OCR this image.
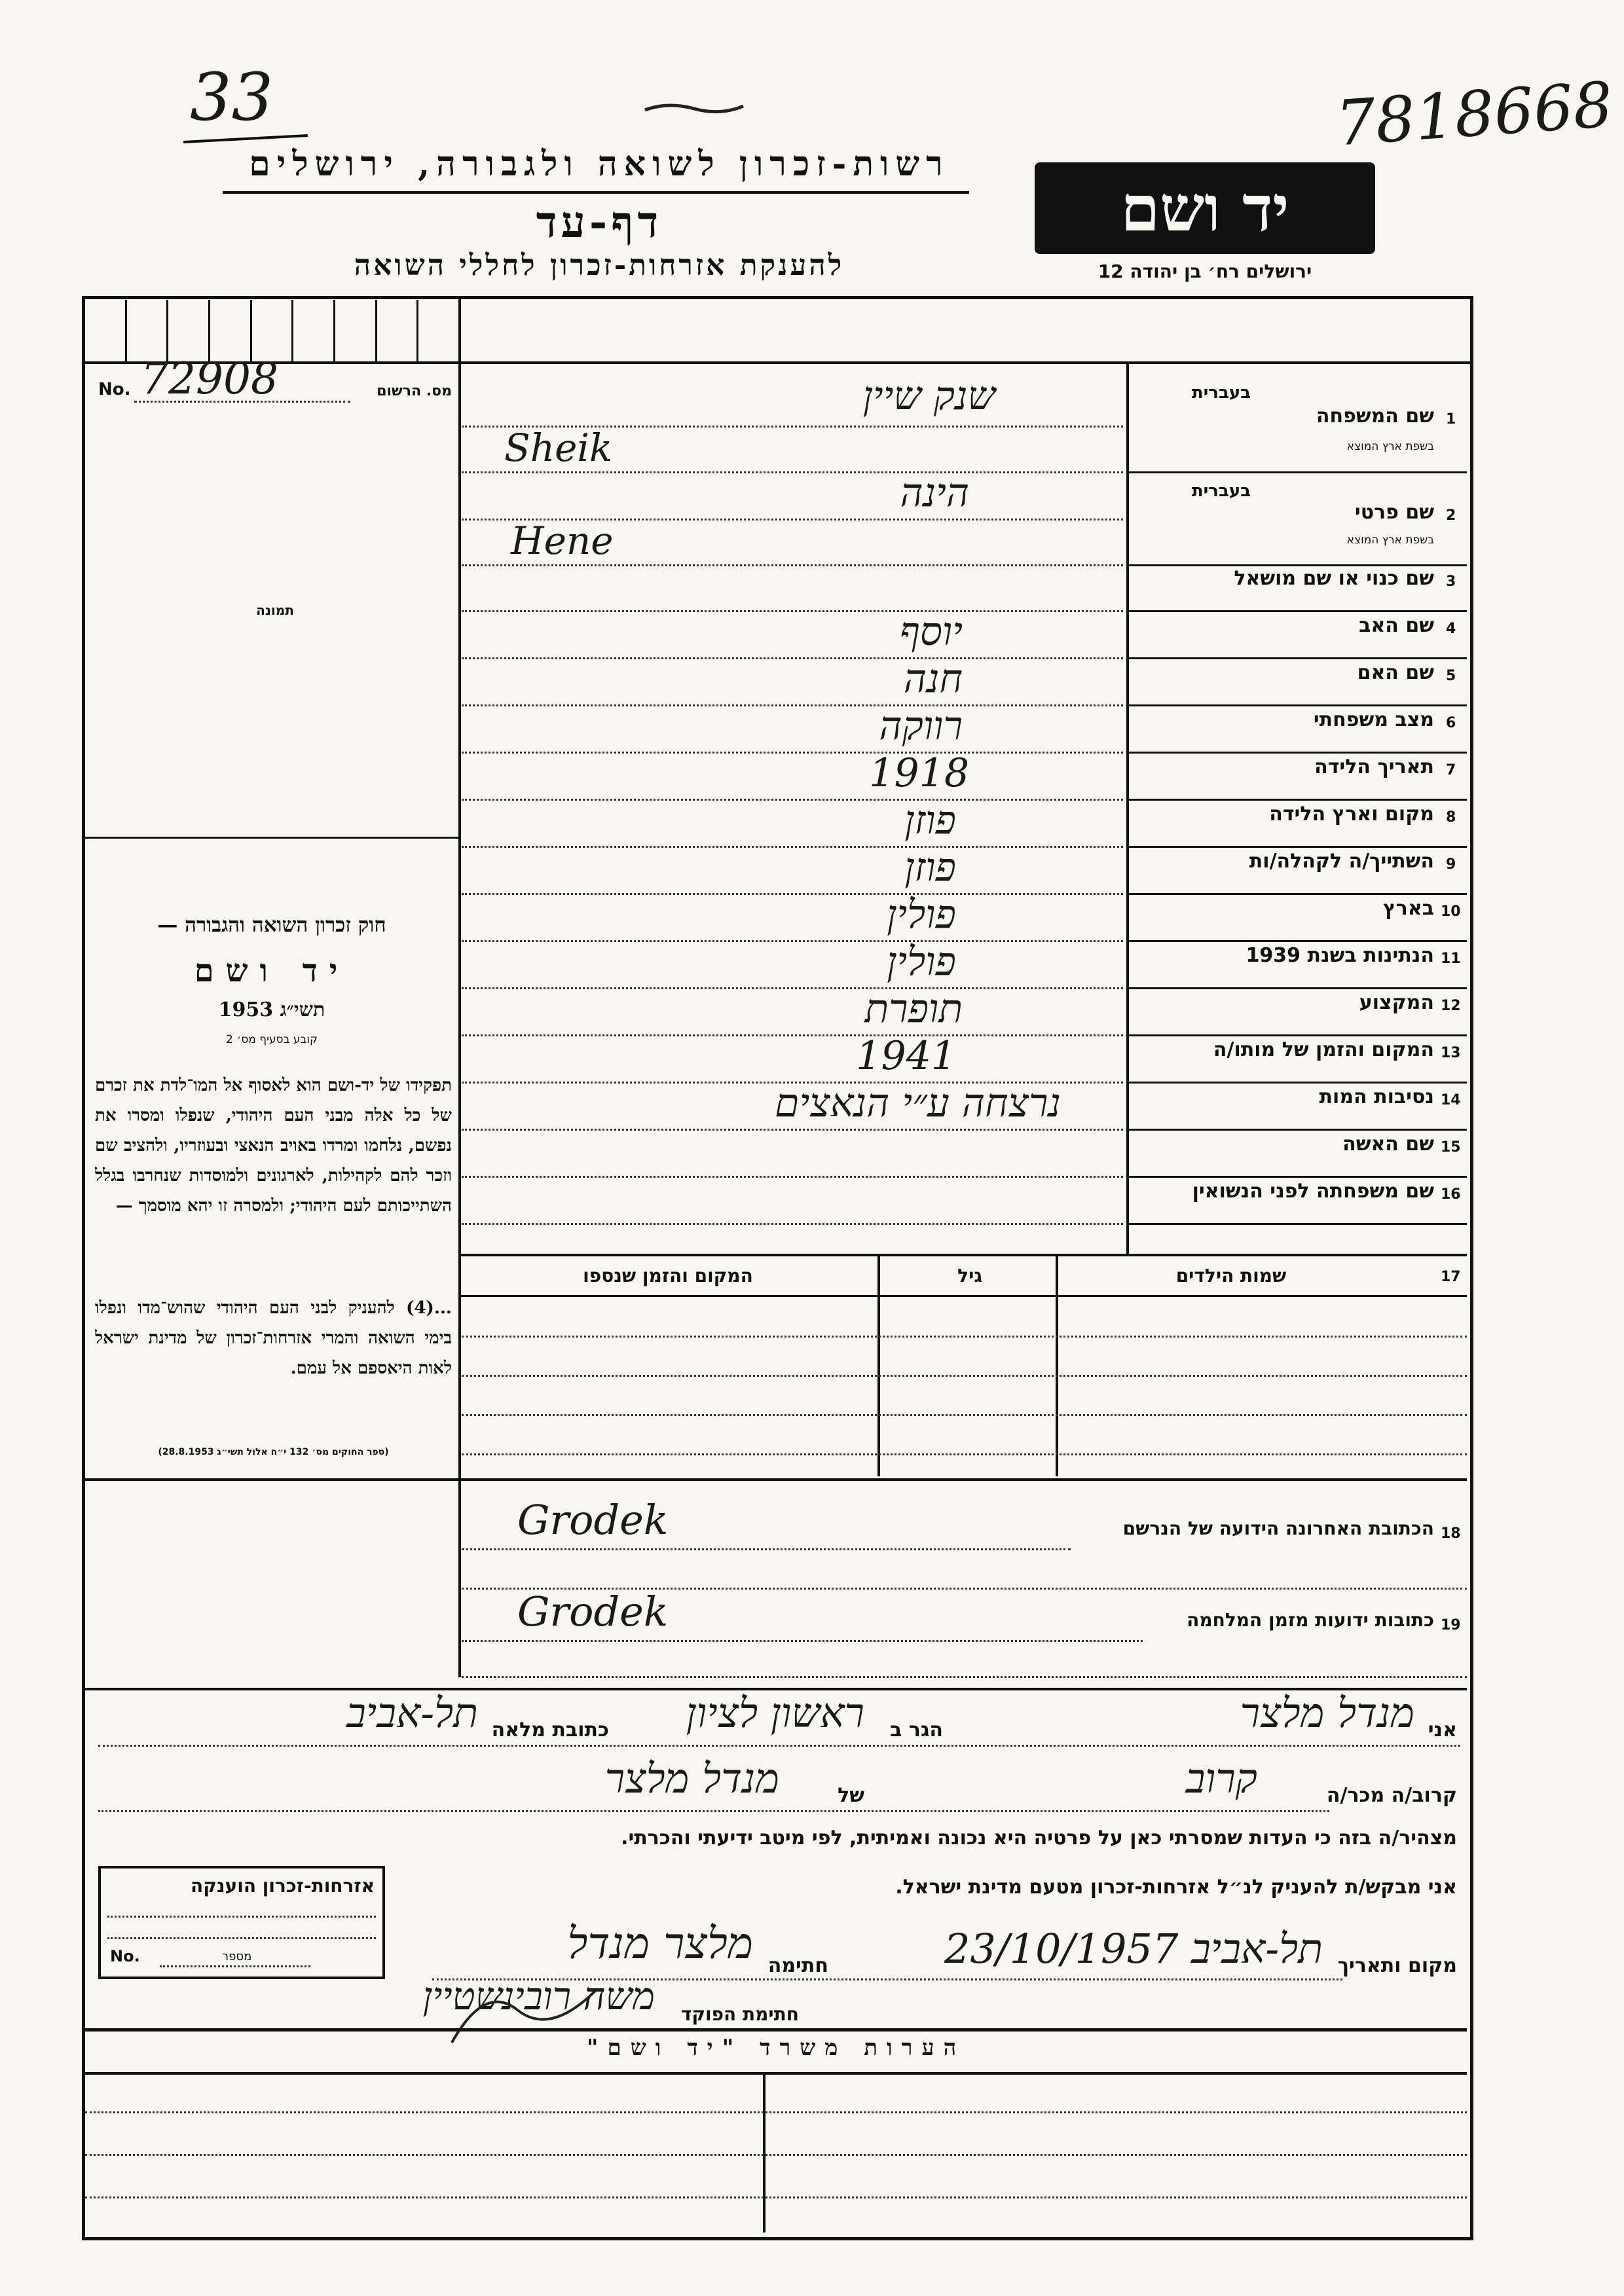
33	7818668
רשות-זכרון לשואה ולגבורה, ירושלים
דף-עד
להענקת אזרחות-זכרון לחללי השואה
יד ושם
ירושלים רח׳ בן יהודה 12
No. 72908	מס. הרשום
תמונה
חוק זכרון השואה והגבורה —
יד ושם
תשי״ג 1953
קובע בסעיף מס׳ 2
תפקידו של יד-ושם הוא לאסוף אל המו־לדת את זכרם של כל אלה מבני העם היהודי, שנפלו ומסרו את נפשם, נלחמו ומרדו באויב הנאצי ובעוזריו, ולהציב שם וזכר להם לקהילות, לארגונים ולמוסדות שנחרבו בגלל השתייכותם לעם היהודי; ולמסרה זו יהא מוסמך —
...(4) להעניק לבני העם היהודי שהוש־מדו ונפלו בימי השואה והמרי אזרחות־זכרון של מדינת ישראל לאות היאספם אל עמם.
(ספר החוקים מס׳ 132 י״ח אלול תשי״ג 28.8.1953)
1
שם המשפחה
בשפת ארץ המוצא
בעברית
שנק שיין
Sheik
2
שם פרטי
בשפת ארץ המוצא
בעברית
הינה
Hene
3
שם כנוי או שם מושאל
4
שם האב
יוסף
5
שם האם
חנה
6
מצב משפחתי
רווקה
7
תאריך הלידה
1918
8
מקום וארץ הלידה
פוזן
9
השתייך/ה לקהלה/ות
פוזן
10
בארץ
פולין
11
הנתינות בשנת 1939
פולין
12
המקצוע
תופרת
13
המקום והזמן של מותו/ה
1941
14
נסיבות המות
נרצחה ע״י הנאצים
15
שם האשה
16
שם משפחתה לפני הנשואין
17
שמות הילדים
גיל
המקום והזמן שנספו
18
הכתובת האחרונה הידועה של הנרשם
Grodek
19
כתובות ידועות מזמן המלחמה
Grodek
אני
מנדל מלצר
הגר ב
ראשון לציון
כתובת מלאה
תל-אביב
קרוב/ה מכר/ה
קרוב
של
מנדל מלצר
מצהיר/ה בזה כי העדות שמסרתי כאן על פרטיה היא נכונה ואמיתית, לפי מיטב ידיעתי והכרתי.
אני מבקש/ת להעניק לנ״ל אזרחות-זכרון מטעם מדינת ישראל.
מקום ותאריך
תל-אביב 23/10/1957
חתימה
מלצר מנדל
חתימת הפוקד
משה רובינשטיין
אזרחות-זכרון הוענקה
No.	מספר
הערות משרד "יד ושם"
